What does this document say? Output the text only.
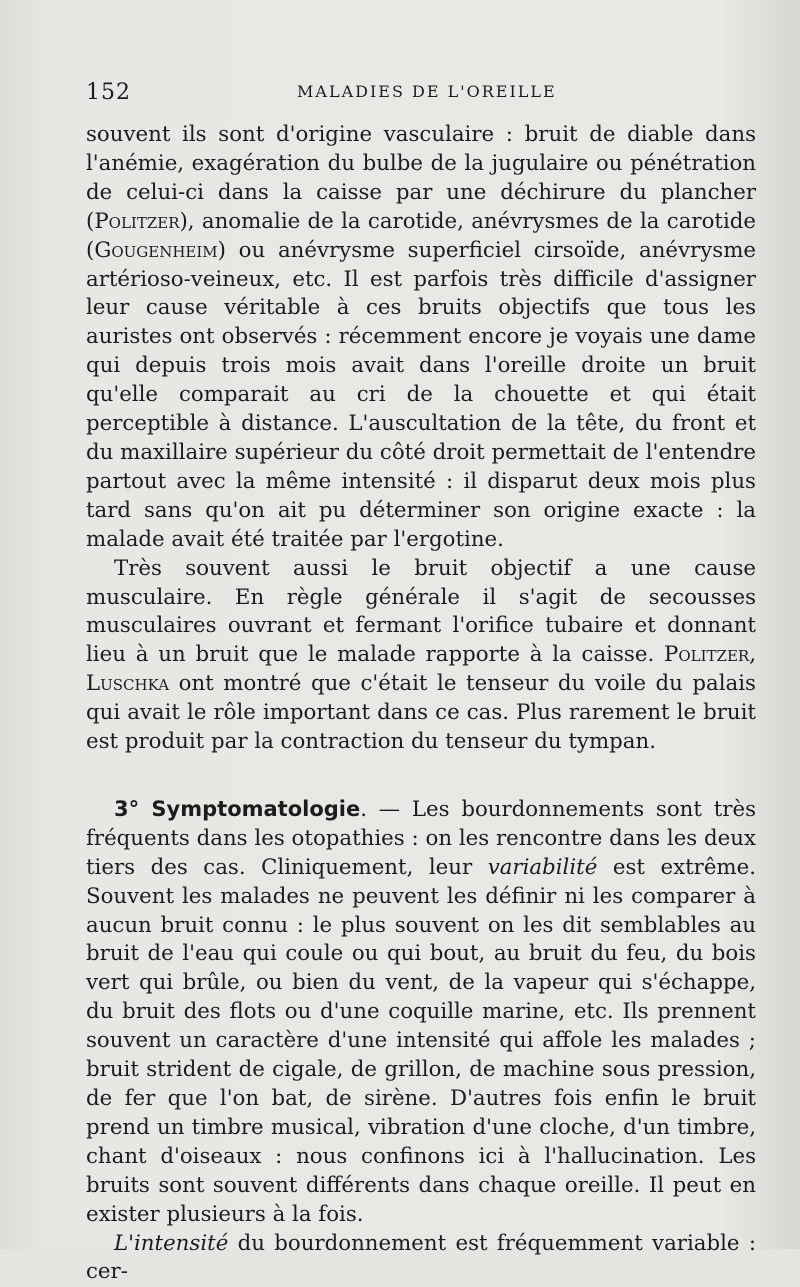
152	MALADIES DE L'OREILLE

souvent ils sont d'origine vasculaire : bruit de diable dans l'anémie, exagération du bulbe de la jugulaire ou pénétration de celui-ci dans la caisse par une déchirure du plancher (Politzer), anomalie de la carotide, anévrysmes de la carotide (Gougenheim) ou anévrysme superficiel cirsoïde, anévrysme artérioso-veineux, etc. Il est parfois très difficile d'assigner leur cause véritable à ces bruits objectifs que tous les auristes ont observés : récemment encore je voyais une dame qui depuis trois mois avait dans l'oreille droite un bruit qu'elle comparait au cri de la chouette et qui était perceptible à distance. L'auscultation de la tête, du front et du maxillaire supérieur du côté droit permettait de l'entendre partout avec la même intensité : il disparut deux mois plus tard sans qu'on ait pu déterminer son origine exacte : la malade avait été traitée par l'ergotine.

Très souvent aussi le bruit objectif a une cause musculaire. En règle générale il s'agit de secousses musculaires ouvrant et fermant l'orifice tubaire et donnant lieu à un bruit que le malade rapporte à la caisse. Politzer, Luschka ont montré que c'était le tenseur du voile du palais qui avait le rôle important dans ce cas. Plus rarement le bruit est produit par la contraction du tenseur du tympan.

3° Symptomatologie. — Les bourdonnements sont très fréquents dans les otopathies : on les rencontre dans les deux tiers des cas. Cliniquement, leur variabilité est extrême. Souvent les malades ne peuvent les définir ni les comparer à aucun bruit connu : le plus souvent on les dit semblables au bruit de l'eau qui coule ou qui bout, au bruit du feu, du bois vert qui brûle, ou bien du vent, de la vapeur qui s'échappe, du bruit des flots ou d'une coquille marine, etc. Ils prennent souvent un caractère d'une intensité qui affole les malades ; bruit strident de cigale, de grillon, de machine sous pression, de fer que l'on bat, de sirène. D'autres fois enfin le bruit prend un timbre musical, vibration d'une cloche, d'un timbre, chant d'oiseaux : nous confinons ici à l'hallucination. Les bruits sont souvent différents dans chaque oreille. Il peut en exister plusieurs à la fois.

L'intensité du bourdonnement est fréquemment variable : cer-
